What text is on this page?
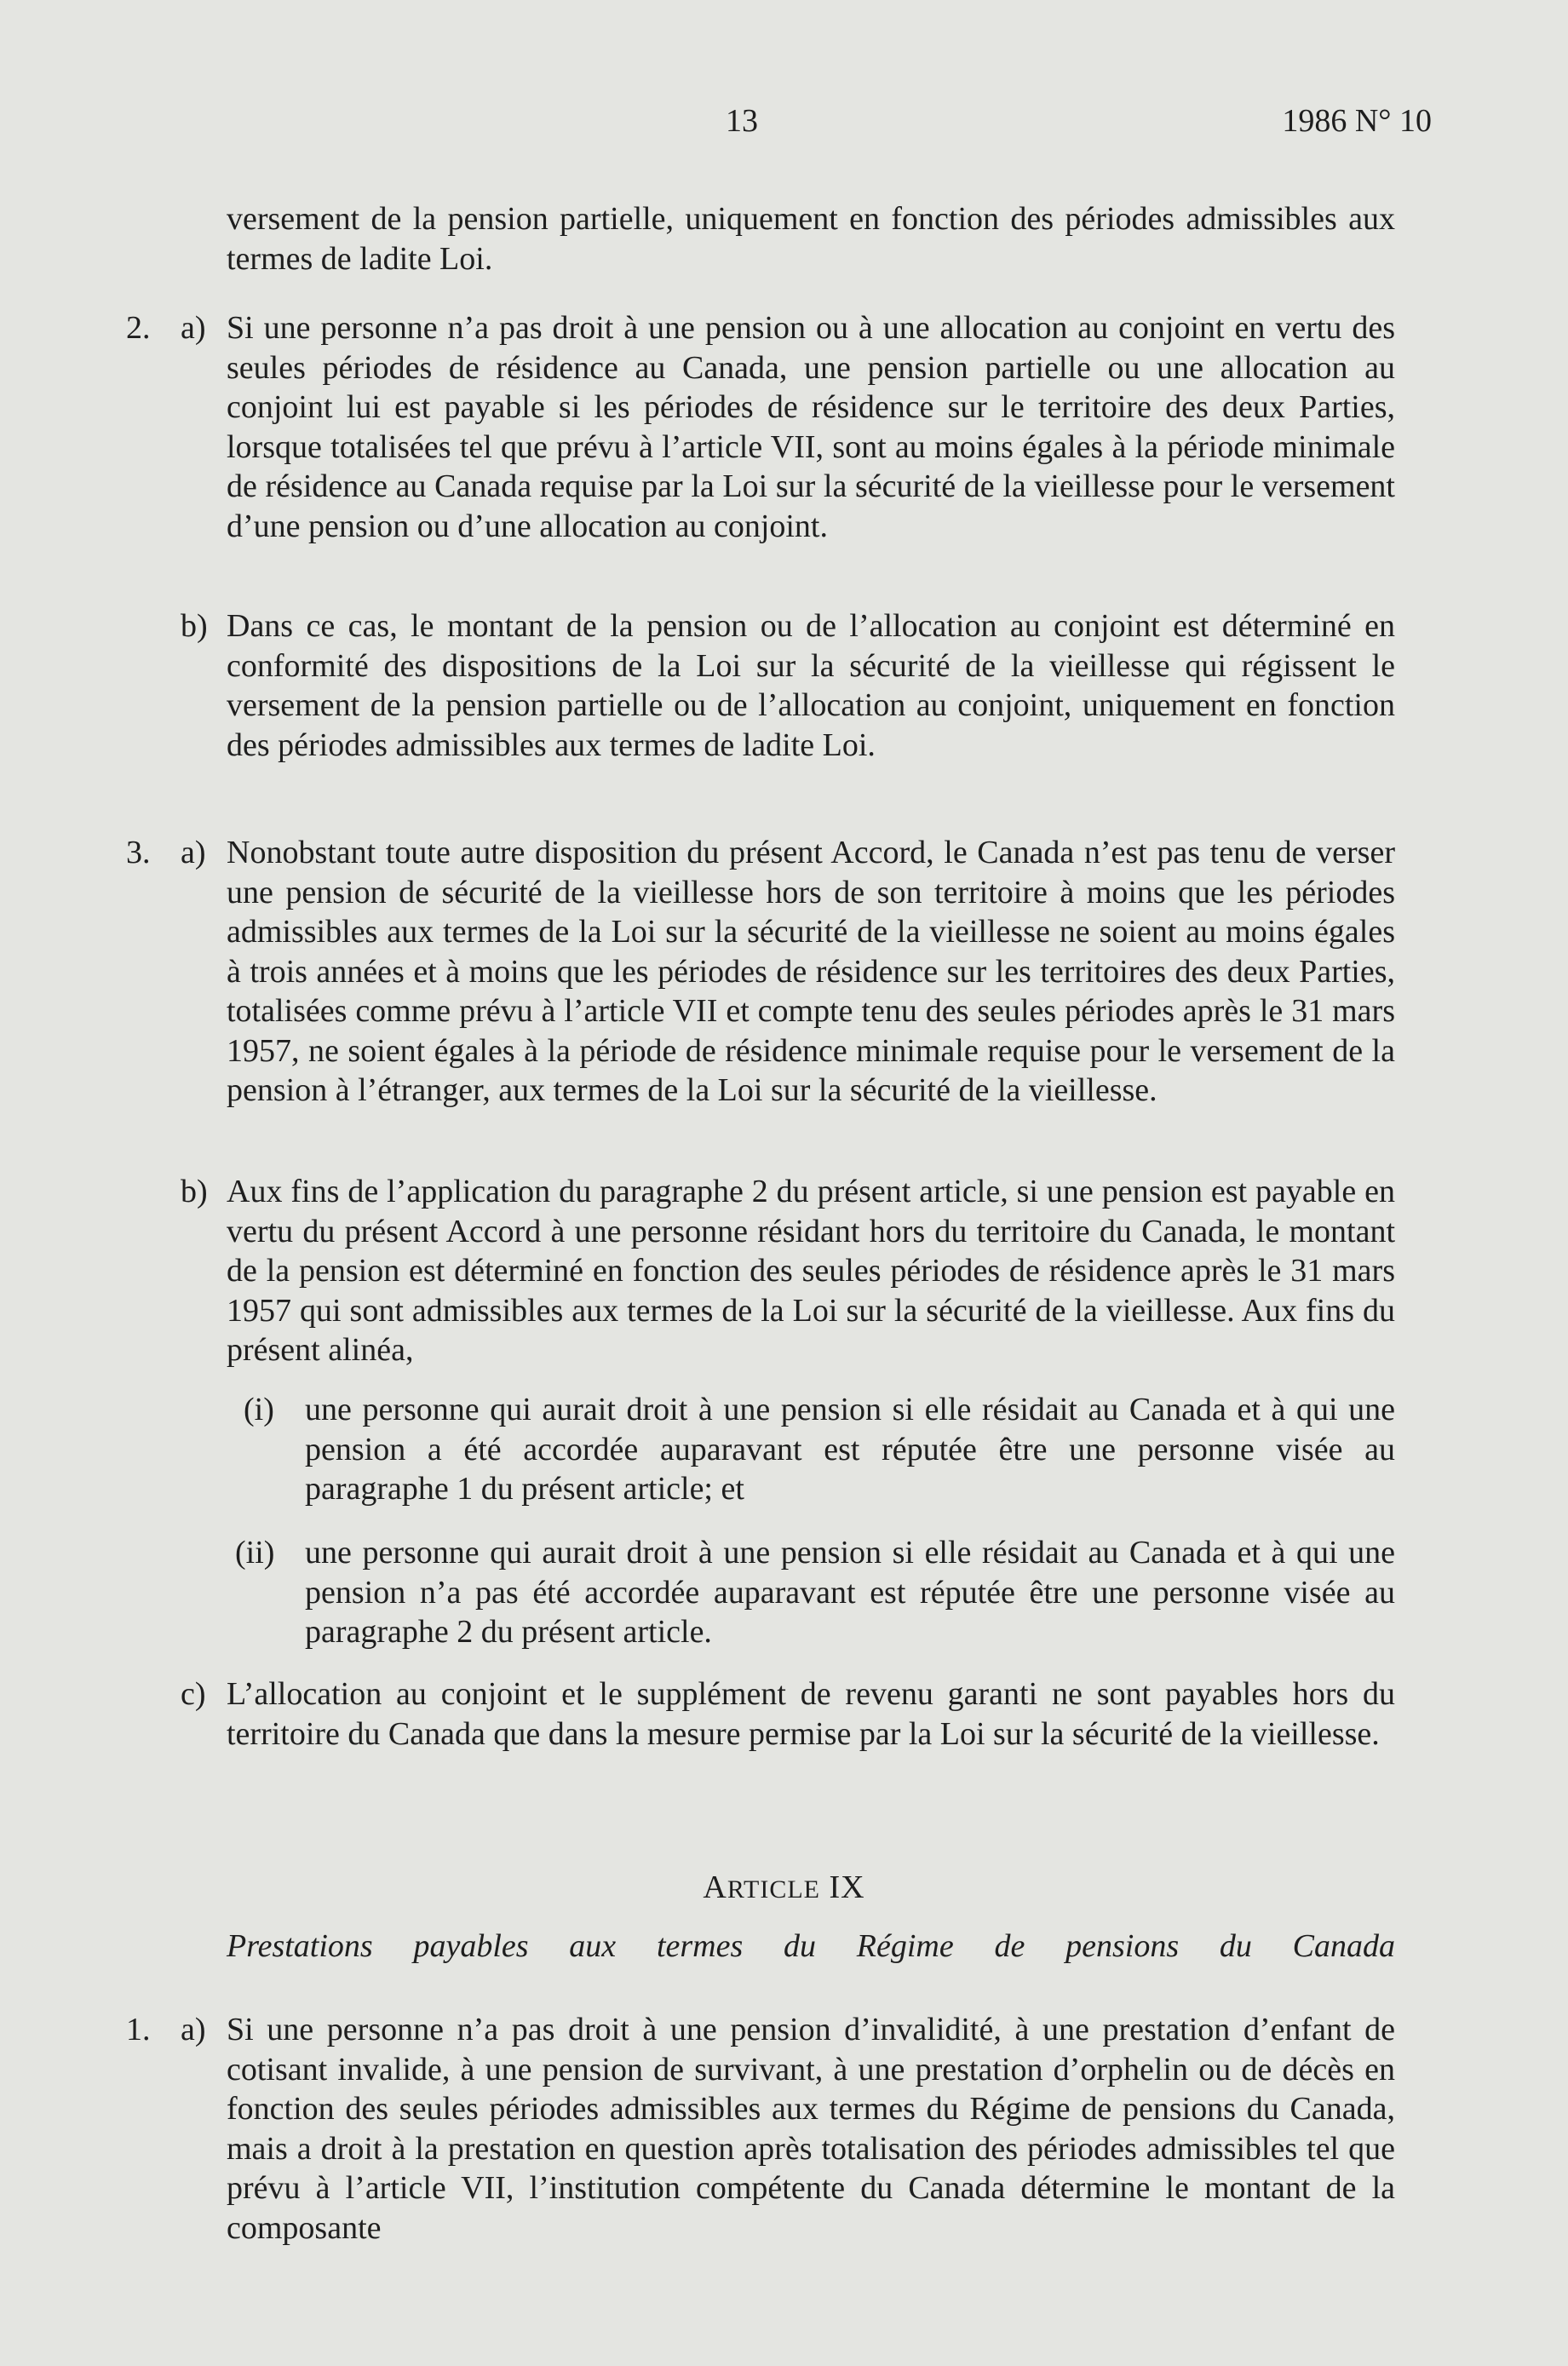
13	1986 N° 10

versement de la pension partielle, uniquement en fonction des périodes admissibles aux termes de ladite Loi.

2. a) Si une personne n’a pas droit à une pension ou à une allocation au conjoint en vertu des seules périodes de résidence au Canada, une pension partielle ou une allocation au conjoint lui est payable si les périodes de résidence sur le territoire des deux Parties, lorsque totalisées tel que prévu à l’article VII, sont au moins égales à la période minimale de résidence au Canada requise par la Loi sur la sécurité de la vieillesse pour le versement d’une pension ou d’une allocation au conjoint.

b) Dans ce cas, le montant de la pension ou de l’allocation au conjoint est déterminé en conformité des dispositions de la Loi sur la sécurité de la vieillesse qui régissent le versement de la pension partielle ou de l’allocation au conjoint, uniquement en fonction des périodes admissibles aux termes de ladite Loi.

3. a) Nonobstant toute autre disposition du présent Accord, le Canada n’est pas tenu de verser une pension de sécurité de la vieillesse hors de son territoire à moins que les périodes admissibles aux termes de la Loi sur la sécurité de la vieillesse ne soient au moins égales à trois années et à moins que les périodes de résidence sur les territoires des deux Parties, totalisées comme prévu à l’article VII et compte tenu des seules périodes après le 31 mars 1957, ne soient égales à la période de résidence minimale requise pour le versement de la pension à l’étranger, aux termes de la Loi sur la sécurité de la vieillesse.

b) Aux fins de l’application du paragraphe 2 du présent article, si une pension est payable en vertu du présent Accord à une personne résidant hors du territoire du Canada, le montant de la pension est déterminé en fonction des seules périodes de résidence après le 31 mars 1957 qui sont admissibles aux termes de la Loi sur la sécurité de la vieillesse. Aux fins du présent alinéa,

(i) une personne qui aurait droit à une pension si elle résidait au Canada et à qui une pension a été accordée auparavant est réputée être une personne visée au paragraphe 1 du présent article; et

(ii) une personne qui aurait droit à une pension si elle résidait au Canada et à qui une pension n’a pas été accordée auparavant est réputée être une personne visée au paragraphe 2 du présent article.

c) L’allocation au conjoint et le supplément de revenu garanti ne sont payables hors du territoire du Canada que dans la mesure permise par la Loi sur la sécurité de la vieillesse.

ARTICLE IX
Prestations payables aux termes du Régime de pensions du Canada
1. a) Si une personne n’a pas droit à une pension d’invalidité, à une prestation d’enfant de cotisant invalide, à une pension de survivant, à une prestation d’orphelin ou de décès en fonction des seules périodes admissibles aux termes du Régime de pensions du Canada, mais a droit à la prestation en question après totalisation des périodes admissibles tel que prévu à l’article VII, l’institution compétente du Canada détermine le montant de la composante
